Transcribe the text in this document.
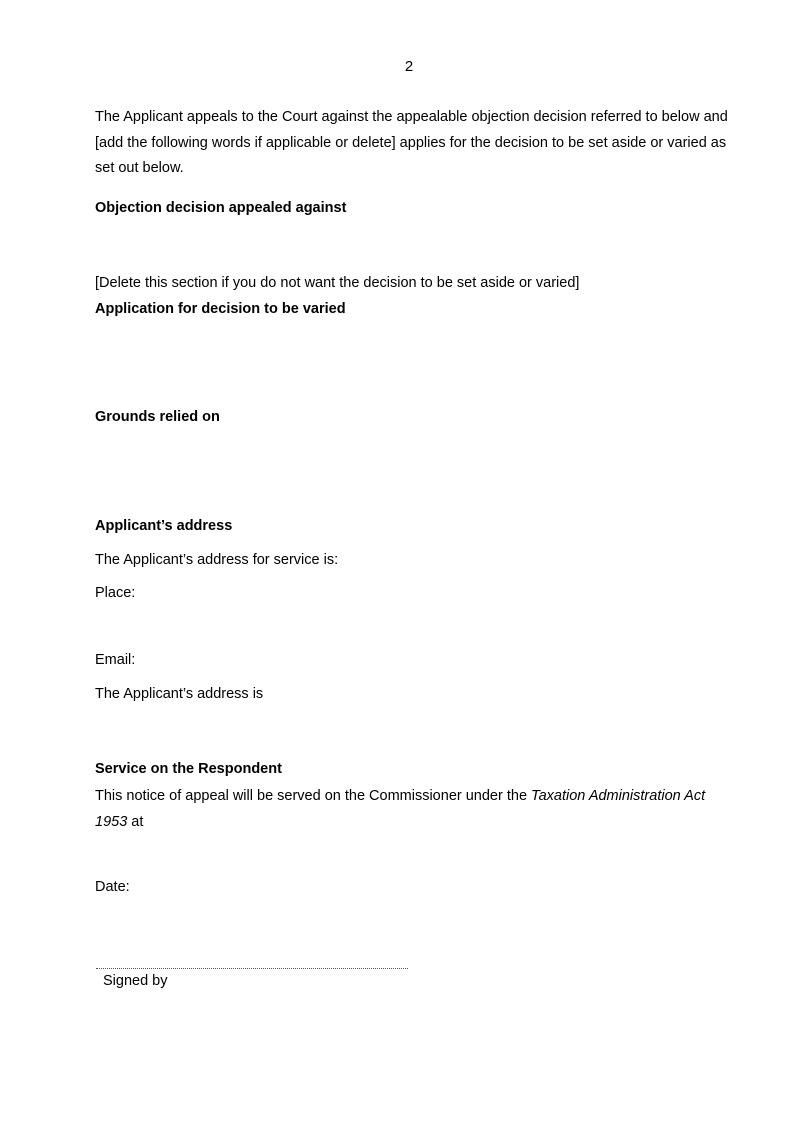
2
The Applicant appeals to the Court against the appealable objection decision referred to below and [add the following words if applicable or delete] applies for the decision to be set aside or varied as set out below.
Objection decision appealed against
[Delete this section if you do not want the decision to be set aside or varied]
Application for decision to be varied
Grounds relied on
Applicant’s address
The Applicant’s address for service is:
Place:
Email:
The Applicant’s address is
Service on the Respondent
This notice of appeal will be served on the Commissioner under the Taxation Administration Act 1953 at
Date:
Signed by
